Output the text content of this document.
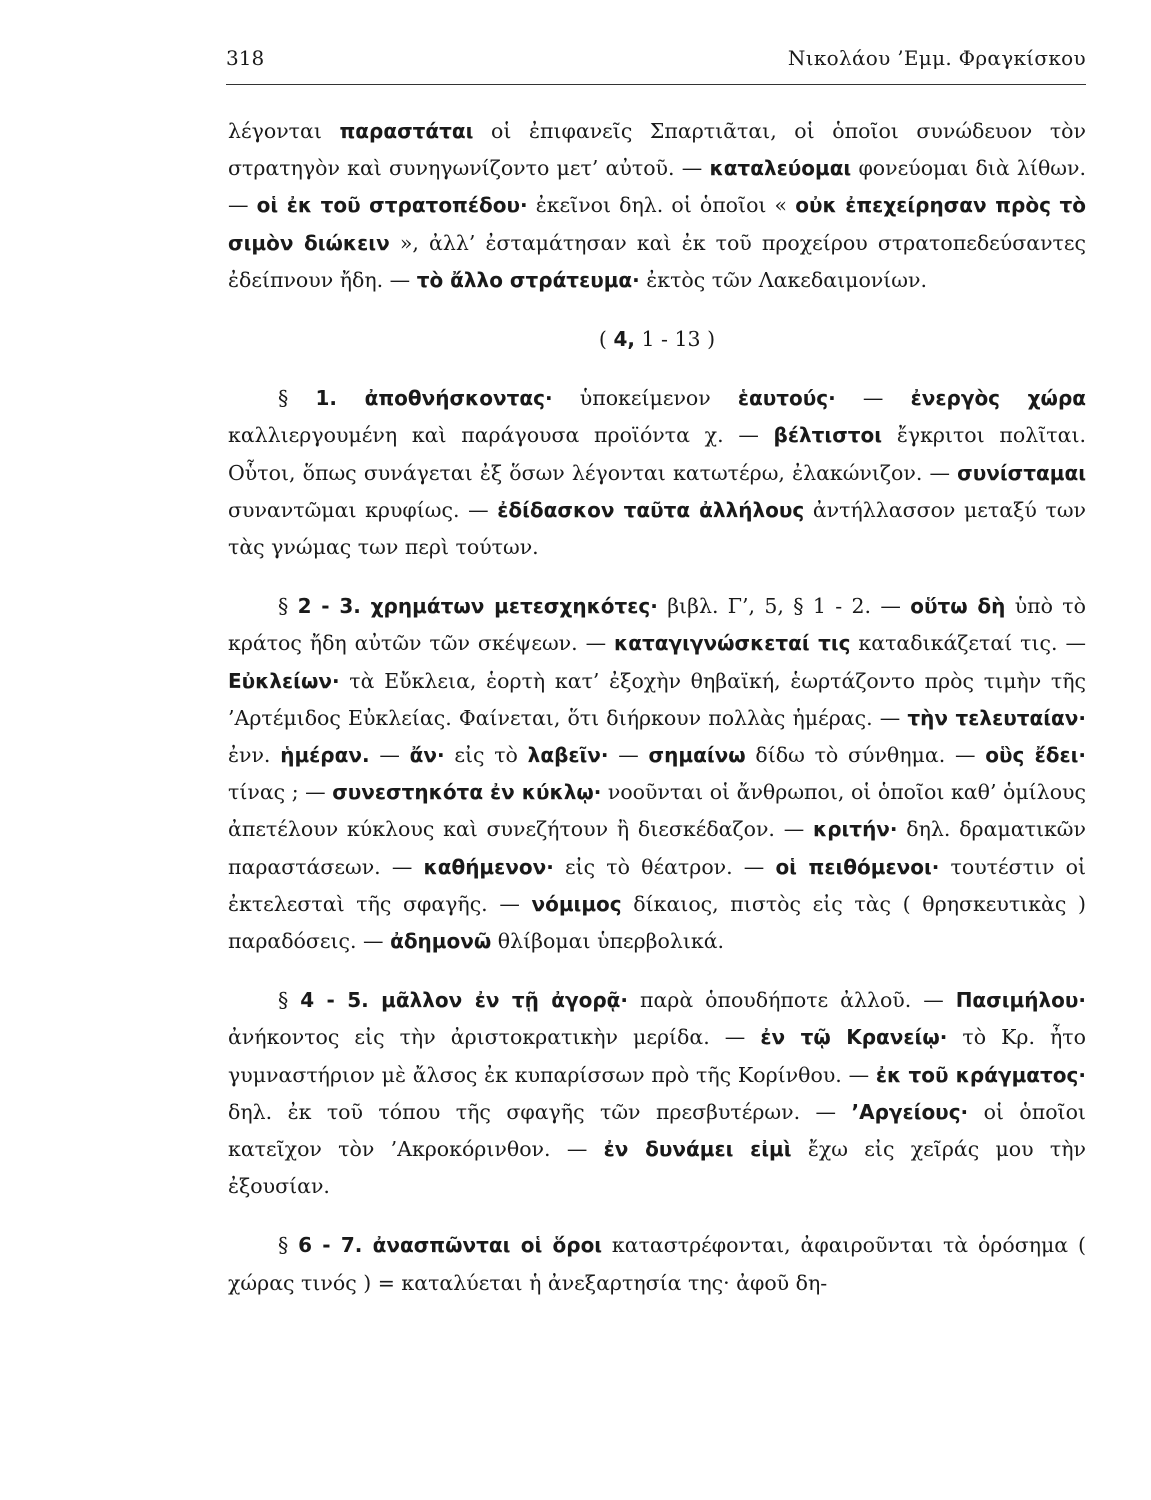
318	Νικολάου ’Εμμ. Φραγκίσκου

λέγονται παραστάται οἱ ἐπιφανεῖς Σπαρτιᾶται, οἱ ὁποῖοι συνώδευον τὸν στρατηγὸν καὶ συνηγωνίζοντο μετ’ αὐτοῦ. — καταλεύομαι φονεύομαι διὰ λίθων. — οἱ ἐκ τοῦ στρατοπέδου· ἐκεῖνοι δηλ. οἱ ὁποῖοι « οὐκ ἐπεχείρησαν πρὸς τὸ σιμὸν διώκειν », ἀλλ’ ἐσταμάτησαν καὶ ἐκ τοῦ προχείρου στρατοπεδεύσαντες ἐδείπνουν ἤδη. — τὸ ἄλλο στράτευμα· ἐκτὸς τῶν Λακεδαιμονίων.

( 4, 1 - 13 )

§ 1. ἀποθνήσκοντας· ὑποκείμενον ἑαυτούς· — ἐνεργὸς χώρα καλλιεργουμένη καὶ παράγουσα προϊόντα χ. — βέλτιστοι ἔγκριτοι πολῖται. Οὗτοι, ὅπως συνάγεται ἐξ ὅσων λέγονται κατωτέρω, ἐλακώνιζον. — συνίσταμαι συναντῶμαι κρυφίως. — ἐδίδασκον ταῦτα ἀλλήλους ἀντήλλασσον μεταξύ των τὰς γνώμας των περὶ τούτων.

§ 2 - 3. χρημάτων μετεσχηκότες· βιβλ. Γ’, 5, § 1 - 2. — οὕτω δὴ ὑπὸ τὸ κράτος ἤδη αὐτῶν τῶν σκέψεων. — καταγιγνώσκεταί τις καταδικάζεταί τις. — Εὐκλείων· τὰ Εὔκλεια, ἑορτὴ κατ’ ἐξοχὴν θηβαϊκή, ἑωρτάζοντο πρὸς τιμὴν τῆς ’Αρτέμιδος Εὐκλείας. Φαίνεται, ὅτι διήρκουν πολλὰς ἡμέρας. — τὴν τελευταίαν· ἐνν. ἡμέραν. — ἄν· εἰς τὸ λαβεῖν· — σημαίνω δίδω τὸ σύνθημα. — οὓς ἔδει· τίνας ; — συνεστηκότα ἐν κύκλῳ· νοοῦνται οἱ ἄνθρωποι, οἱ ὁποῖοι καθ’ ὁμίλους ἀπετέλουν κύκλους καὶ συνεζήτουν ἢ διεσκέδαζον. — κριτήν· δηλ. δραματικῶν παραστάσεων. — καθήμενον· εἰς τὸ θέατρον. — οἱ πειθόμενοι· τουτέστιν οἱ ἐκτελεσταὶ τῆς σφαγῆς. — νόμιμος δίκαιος, πιστὸς εἰς τὰς ( θρησκευτικὰς ) παραδόσεις. — ἀδημονῶ θλίβομαι ὑπερβολικά.

§ 4 - 5. μᾶλλον ἐν τῇ ἀγορᾷ· παρὰ ὁπουδήποτε ἀλλοῦ. — Πασιμήλου· ἀνήκοντος εἰς τὴν ἀριστοκρατικὴν μερίδα. — ἐν τῷ Κρανείῳ· τὸ Κρ. ἦτο γυμναστήριον μὲ ἄλσος ἐκ κυπαρίσσων πρὸ τῆς Κορίνθου. — ἐκ τοῦ κράγματος· δηλ. ἐκ τοῦ τόπου τῆς σφαγῆς τῶν πρεσβυτέρων. — ’Αργείους· οἱ ὁποῖοι κατεῖχον τὸν ’Ακροκόρινθον. — ἐν δυνάμει εἰμὶ ἔχω εἰς χεῖράς μου τὴν ἐξουσίαν.

§ 6 - 7. ἀνασπῶνται οἱ ὅροι καταστρέφονται, ἀφαιροῦνται τὰ ὁρόσημα ( χώρας τινός ) = καταλύεται ἡ ἀνεξαρτησία της· ἀφοῦ δη-
